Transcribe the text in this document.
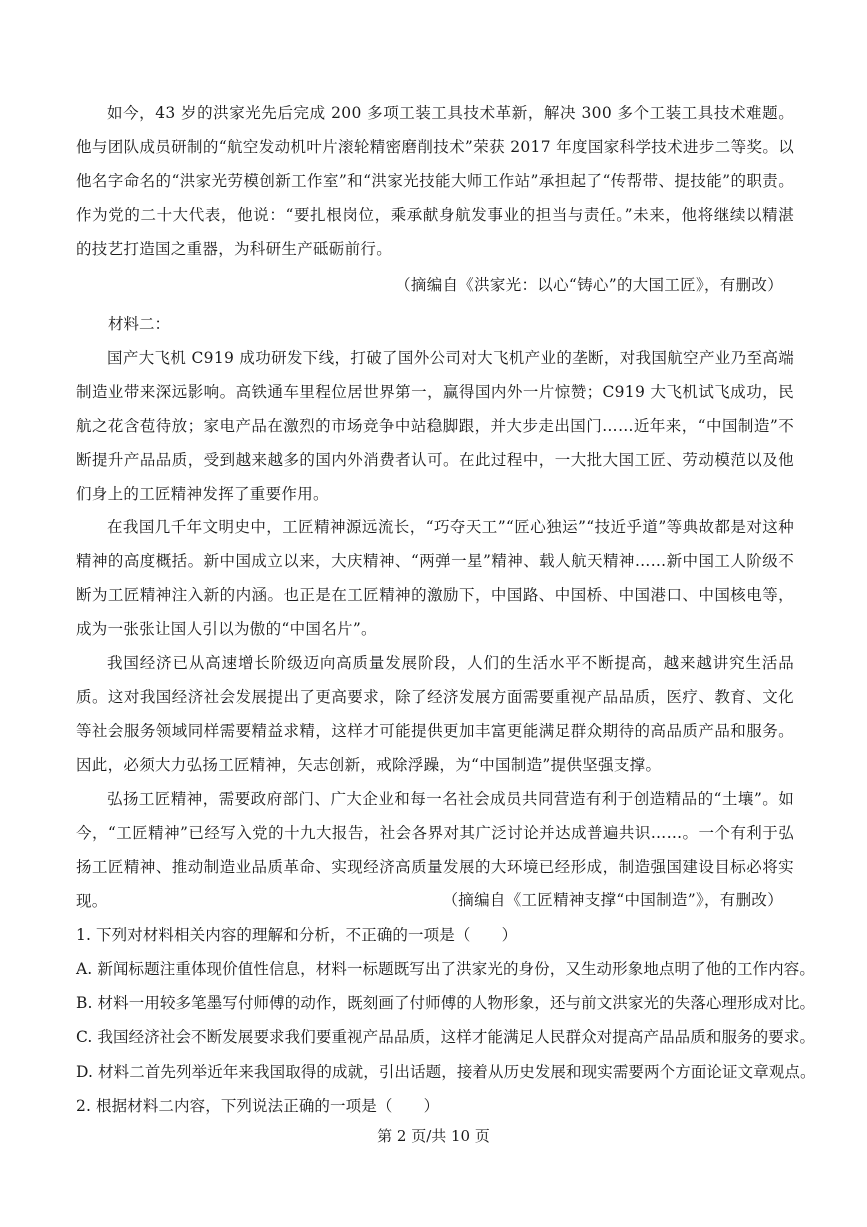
如今，43 岁的洪家光先后完成 200 多项工装工具技术革新，解决 300 多个工装工具技术难题。他与团队成员研制的“航空发动机叶片滚轮精密磨削技术”荣获 2017 年度国家科学技术进步二等奖。以他名字命名的“洪家光劳模创新工作室”和“洪家光技能大师工作站”承担起了“传帮带、提技能”的职责。作为党的二十大代表，他说：“要扎根岗位，乘承献身航发事业的担当与责任。”未来，他将继续以精湛的技艺打造国之重器，为科研生产砥砺前行。

（摘编自《洪家光：以心“铸心”的大国工匠》，有删改）

材料二：

国产大飞机 C919 成功研发下线，打破了国外公司对大飞机产业的垄断，对我国航空产业乃至高端制造业带来深远影响。高铁通车里程位居世界第一，赢得国内外一片惊赞；C919 大飞机试飞成功，民航之花含苞待放；家电产品在激烈的市场竞争中站稳脚跟，并大步走出国门……近年来，“中国制造”不断提升产品品质，受到越来越多的国内外消费者认可。在此过程中，一大批大国工匠、劳动模范以及他们身上的工匠精神发挥了重要作用。

在我国几千年文明史中，工匠精神源远流长，“巧夺天工”“匠心独运”“技近乎道”等典故都是对这种精神的高度概括。新中国成立以来，大庆精神、“两弹一星”精神、载人航天精神……新中国工人阶级不断为工匠精神注入新的内涵。也正是在工匠精神的激励下，中国路、中国桥、中国港口、中国核电等，成为一张张让国人引以为傲的“中国名片”。

我国经济已从高速增长阶级迈向高质量发展阶段，人们的生活水平不断提高，越来越讲究生活品质。这对我国经济社会发展提出了更高要求，除了经济发展方面需要重视产品品质，医疗、教育、文化等社会服务领域同样需要精益求精，这样才可能提供更加丰富更能满足群众期待的高品质产品和服务。因此，必须大力弘扬工匠精神，矢志创新，戒除浮躁，为“中国制造”提供坚强支撑。

弘扬工匠精神，需要政府部门、广大企业和每一名社会成员共同营造有利于创造精品的“土壤”。如今，“工匠精神”已经写入党的十九大报告，社会各界对其广泛讨论并达成普遍共识……。一个有利于弘扬工匠精神、推动制造业品质革命、实现经济高质量发展的大环境已经形成，制造强国建设目标必将实现。	（摘编自《工匠精神支撑“中国制造”》，有删改）

1. 下列对材料相关内容的理解和分析，不正确的一项是（　　）

A. 新闻标题注重体现价值性信息，材料一标题既写出了洪家光的身份，又生动形象地点明了他的工作内容。

B. 材料一用较多笔墨写付师傅的动作，既刻画了付师傅的人物形象，还与前文洪家光的失落心理形成对比。

C. 我国经济社会不断发展要求我们要重视产品品质，这样才能满足人民群众对提高产品品质和服务的要求。

D. 材料二首先列举近年来我国取得的成就，引出话题，接着从历史发展和现实需要两个方面论证文章观点。

2. 根据材料二内容，下列说法正确的一项是（　　）

第 2 页/共 10 页
